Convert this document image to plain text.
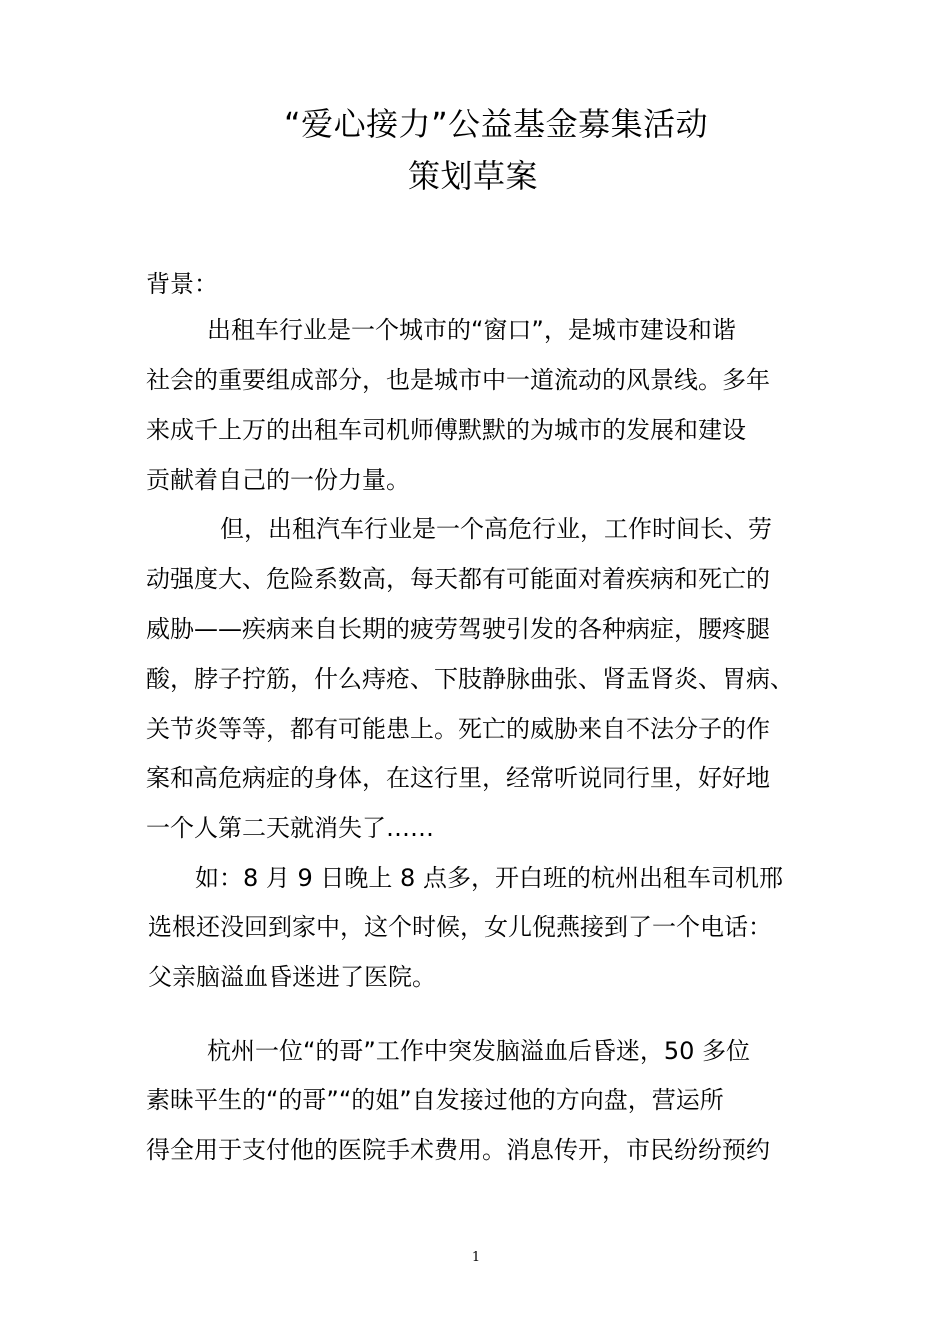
“爱心接力”公益基金募集活动
策划草案
背景：
出租车行业是一个城市的“窗口”，是城市建设和谐
社会的重要组成部分，也是城市中一道流动的风景线。多年
来成千上万的出租车司机师傅默默的为城市的发展和建设
贡献着自己的一份力量。
但，出租汽车行业是一个高危行业，工作时间长、劳
动强度大、危险系数高，每天都有可能面对着疾病和死亡的
威胁——疾病来自长期的疲劳驾驶引发的各种病症，腰疼腿
酸，脖子拧筋，什么痔疮、下肢静脉曲张、肾盂肾炎、胃病、
关节炎等等，都有可能患上。死亡的威胁来自不法分子的作
案和高危病症的身体，在这行里，经常听说同行里，好好地
一个人第二天就消失了……
如：8 月 9 日晚上 8 点多，开白班的杭州出租车司机邢
选根还没回到家中，这个时候，女儿倪燕接到了一个电话：
父亲脑溢血昏迷进了医院。
杭州一位“的哥”工作中突发脑溢血后昏迷，50 多位
素昧平生的“的哥”“的姐”自发接过他的方向盘，营运所
得全用于支付他的医院手术费用。消息传开，市民纷纷预约
1
